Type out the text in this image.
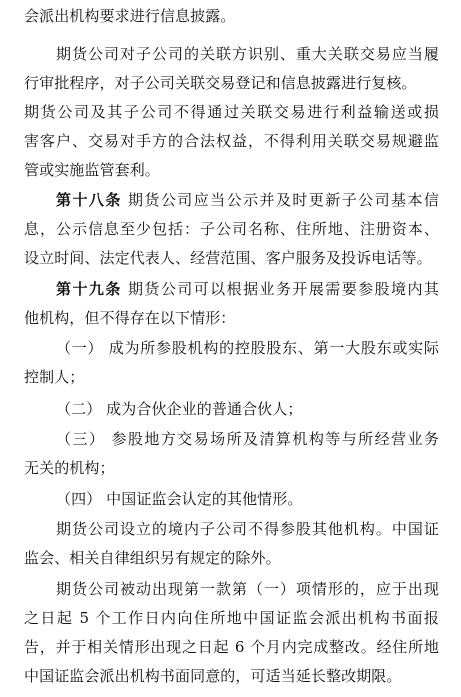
会派出机构要求进行信息披露。
期货公司对子公司的关联方识别、重大关联交易应当履
行审批程序，对子公司关联交易登记和信息披露进行复核。
期货公司及其子公司不得通过关联交易进行利益输送或损
害客户、交易对手方的合法权益，不得利用关联交易规避监
管或实施监管套利。
第十八条 期货公司应当公示并及时更新子公司基本信
息，公示信息至少包括：子公司名称、住所地、注册资本、
设立时间、法定代表人、经营范围、客户服务及投诉电话等。
第十九条 期货公司可以根据业务开展需要参股境内其
他机构，但不得存在以下情形：
（一） 成为所参股机构的控股股东、第一大股东或实际
控制人；
（二） 成为合伙企业的普通合伙人；
（三） 参股地方交易场所及清算机构等与所经营业务
无关的机构；
（四） 中国证监会认定的其他情形。
期货公司设立的境内子公司不得参股其他机构。中国证
监会、相关自律组织另有规定的除外。
期货公司被动出现第一款第（一）项情形的，应于出现
之日起 5 个工作日内向住所地中国证监会派出机构书面报
告，并于相关情形出现之日起 6 个月内完成整改。经住所地
中国证监会派出机构书面同意的，可适当延长整改期限。
